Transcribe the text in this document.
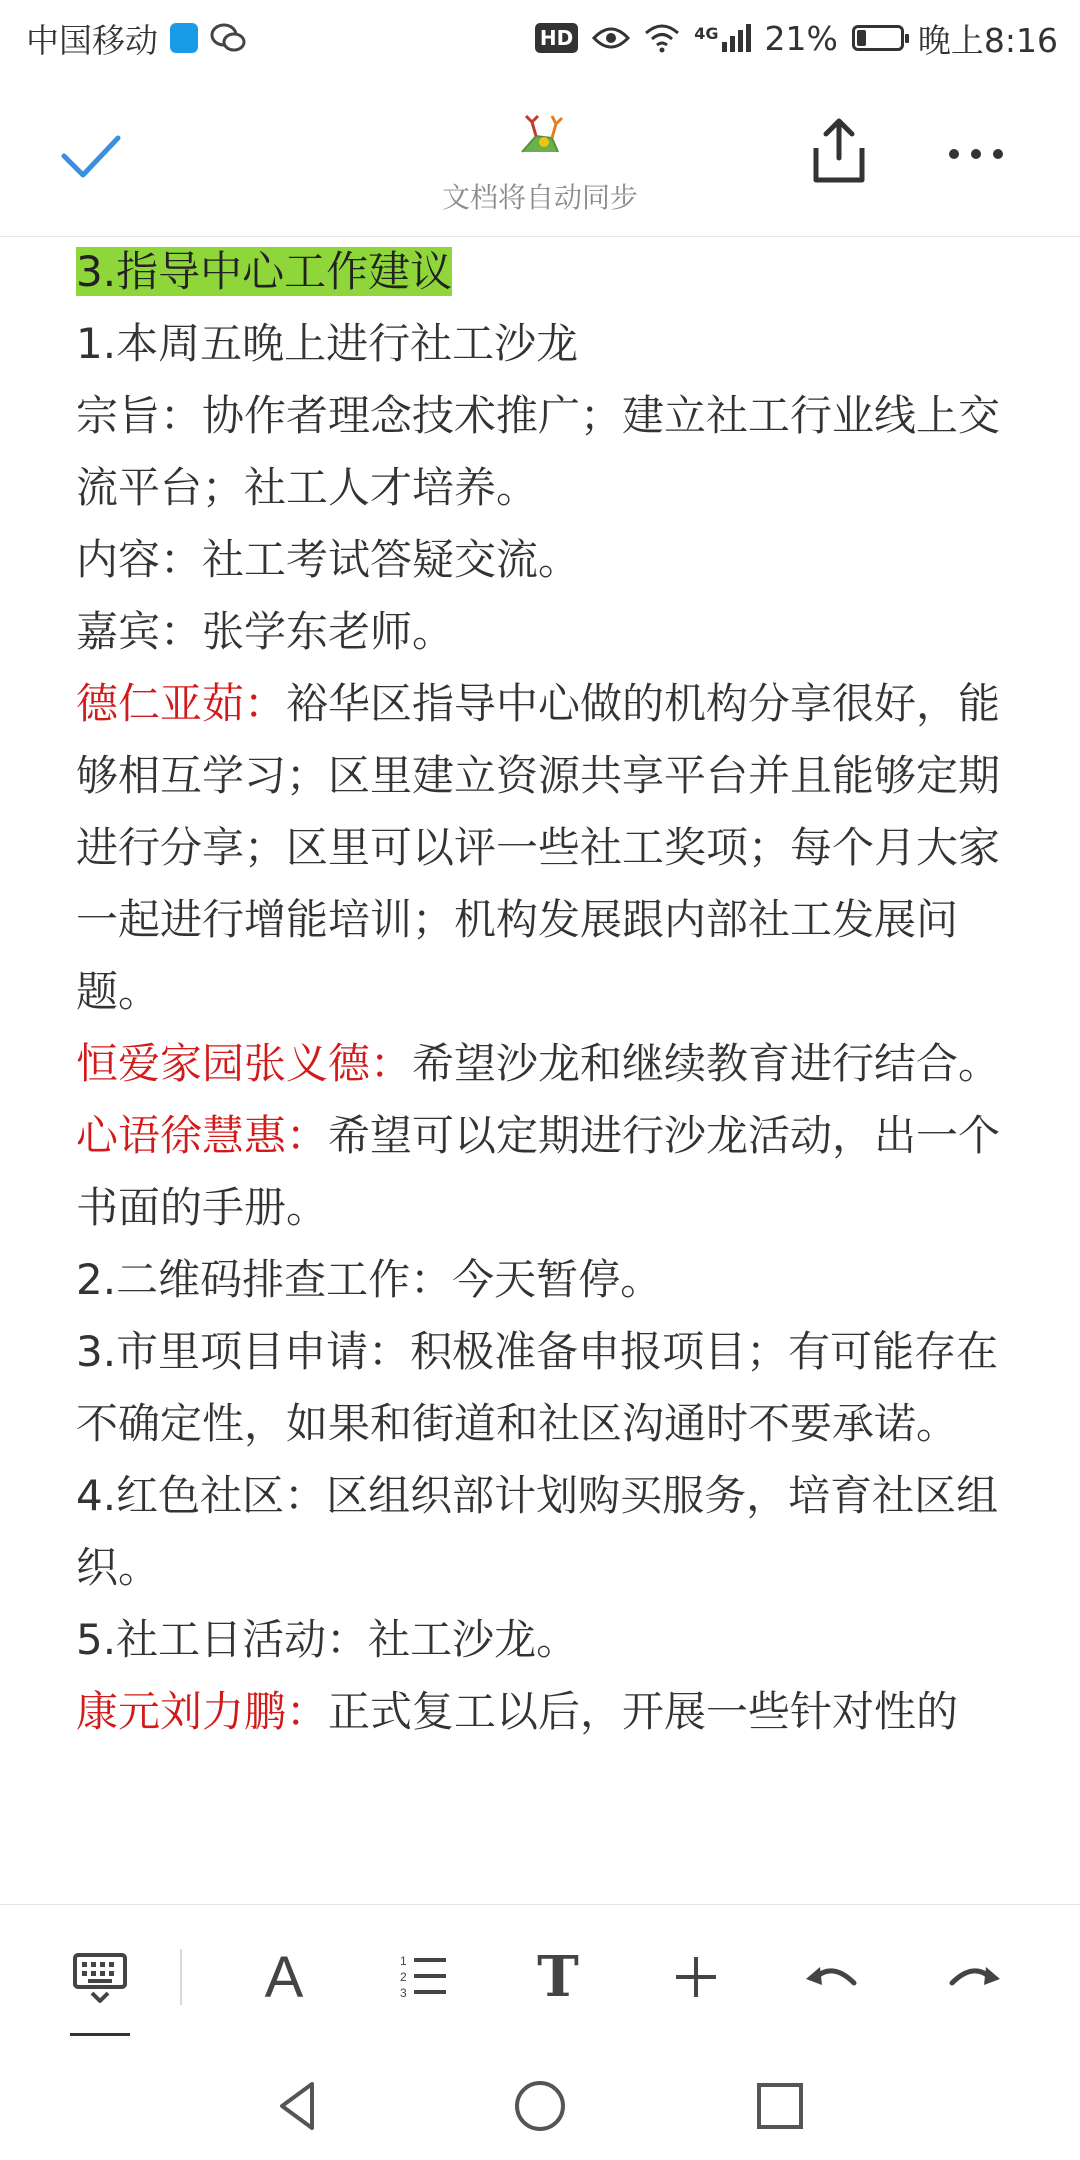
中国移动	HD	4G 21% 晚上8:16
文档将自动同步

3.指导中心工作建议

1.本周五晚上进行社工沙龙

宗旨：协作者理念技术推广；建立社工行业线上交流平台；社工人才培养。

内容：社工考试答疑交流。

嘉宾：张学东老师。

德仁亚茹：裕华区指导中心做的机构分享很好，能够相互学习；区里建立资源共享平台并且能够定期进行分享；区里可以评一些社工奖项；每个月大家一起进行增能培训；机构发展跟内部社工发展问题。

恒爱家园张义德：希望沙龙和继续教育进行结合。

心语徐慧惠：希望可以定期进行沙龙活动，出一个书面的手册。

2.二维码排查工作：今天暂停。

3.市里项目申请：积极准备申报项目；有可能存在不确定性，如果和街道和社区沟通时不要承诺。

4.红色社区：区组织部计划购买服务，培育社区组织。

5.社工日活动：社工沙龙。

康元刘力鹏：正式复工以后，开展一些针对性的

A	1
2
3 T
